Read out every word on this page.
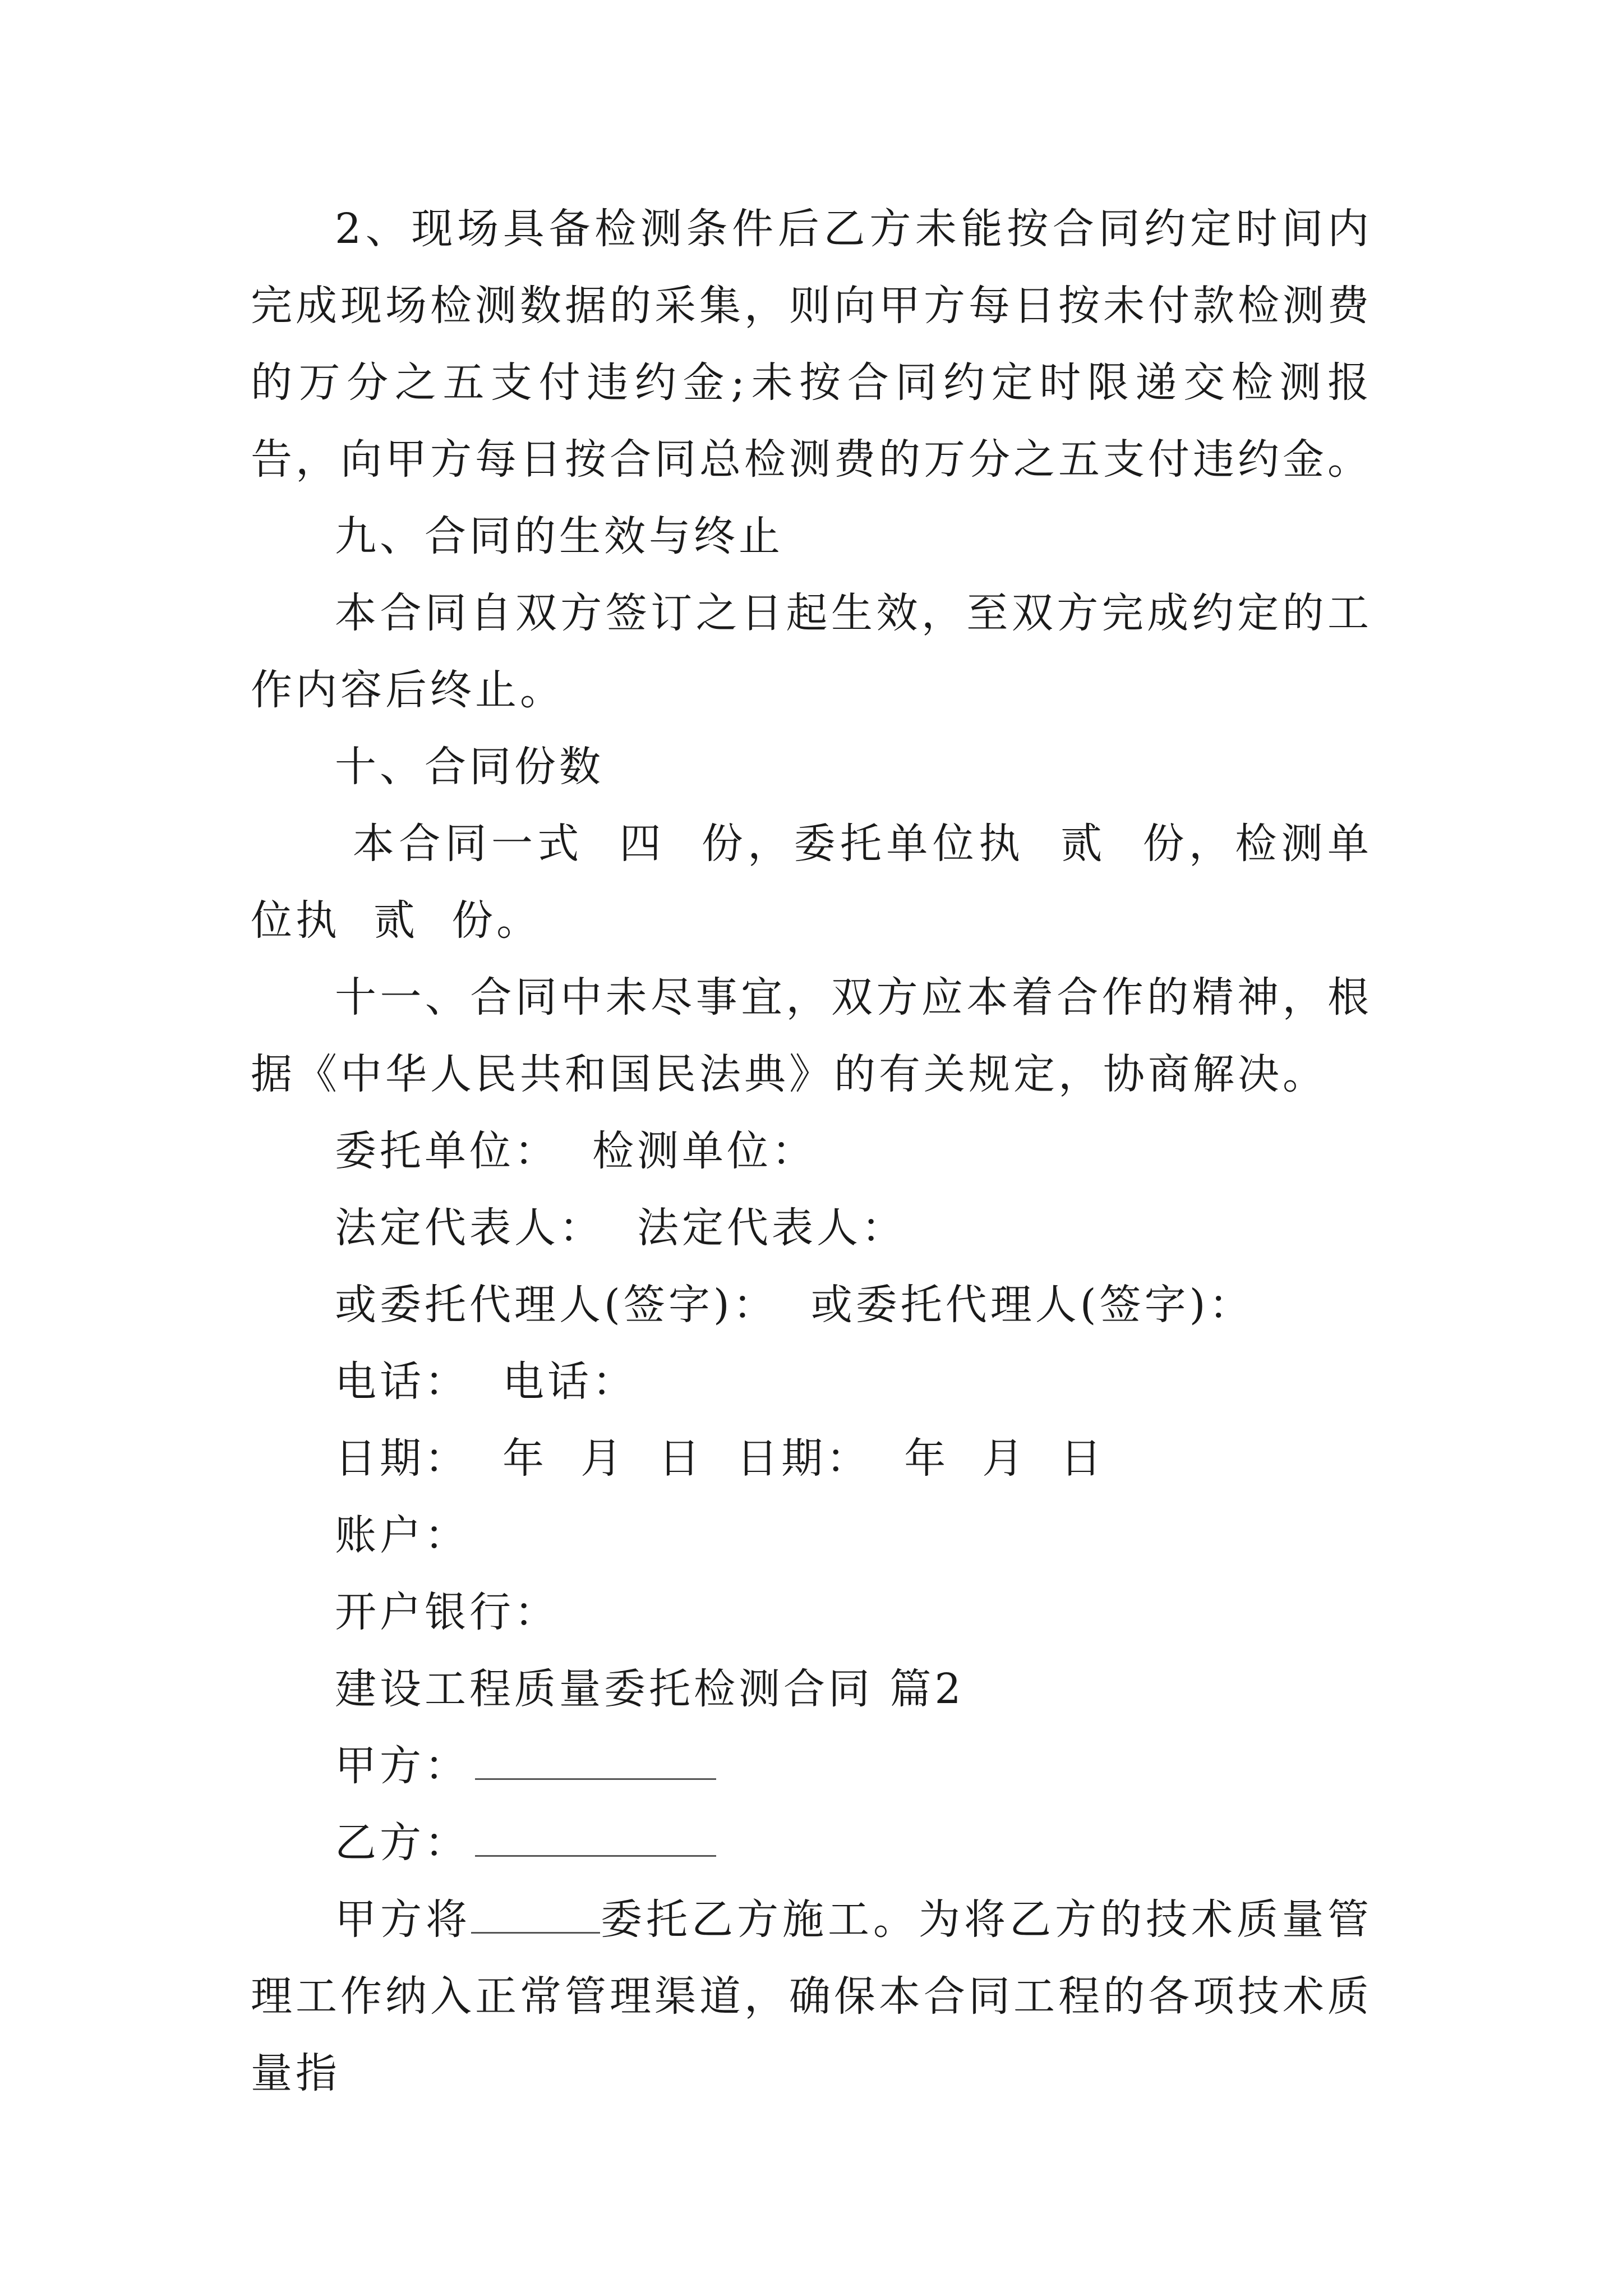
2、现场具备检测条件后乙方未能按合同约定时间内完成现场检测数据的采集，则向甲方每日按未付款检测费的万分之五支付违约金;未按合同约定时限递交检测报告，向甲方每日按合同总检测费的万分之五支付违约金。

九、合同的生效与终止

本合同自双方签订之日起生效，至双方完成约定的工作内容后终止。

十、合同份数

本合同一式  四  份，委托单位执  贰  份，检测单位执  贰  份。

十一、合同中未尽事宜，双方应本着合作的精神，根据《中华人民共和国民法典》的有关规定，协商解决。

委托单位：  检测单位：

法定代表人：  法定代表人：

或委托代理人(签字)：  或委托代理人(签字)：

电话：  电话：

日期：  年  月  日  日期：  年  月  日

账户：

开户银行：

建设工程质量委托检测合同 篇2

甲方：

乙方：

甲方将	委托乙方施工。为将乙方的技术质量管理工作纳入正常管理渠道，确保本合同工程的各项技术质量指
